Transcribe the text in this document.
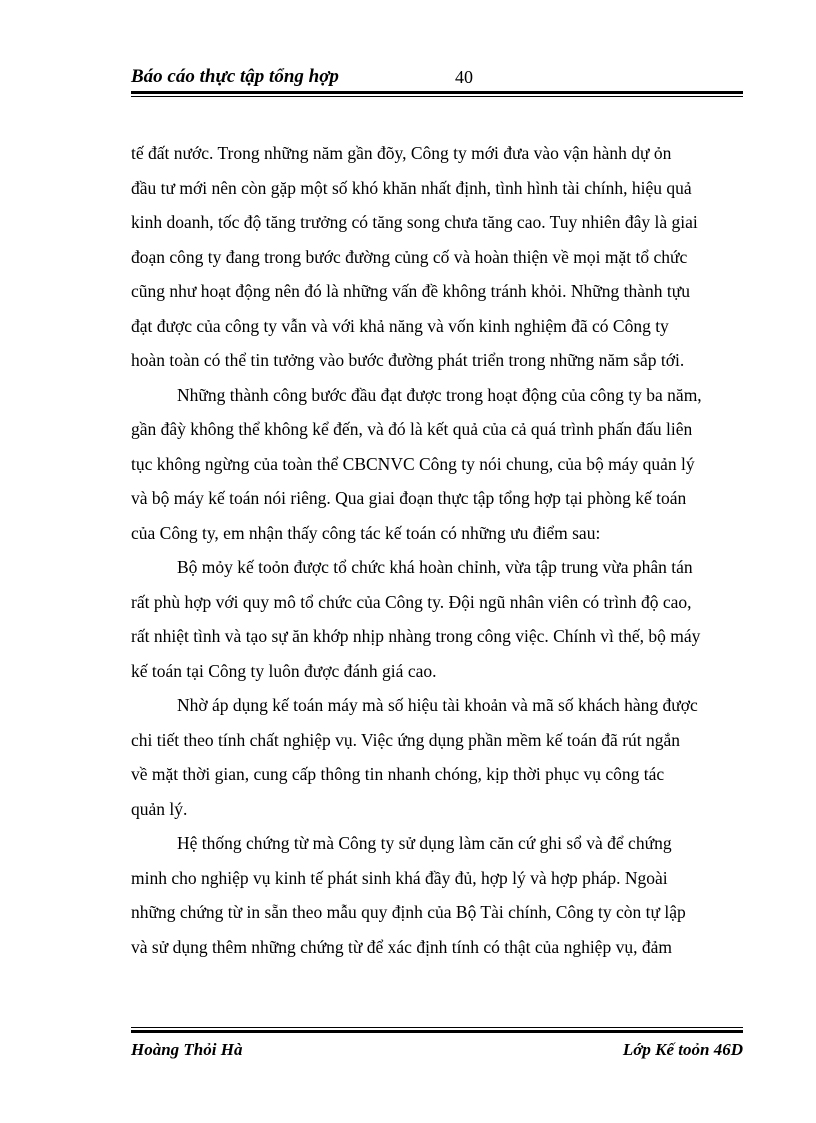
Báo cáo thực tập tổng hợp	40
tế đất nước. Trong những năm gần đõy, Công ty mới đưa vào vận hành dự ỏn
đầu tư mới nên còn gặp một số khó khăn nhất định, tình hình tài chính, hiệu quả
kinh doanh, tốc độ tăng trưởng có tăng song chưa tăng cao. Tuy nhiên đây là giai
đoạn công ty đang trong bước đường củng cố và hoàn thiện về mọi mặt tổ chức
cũng như hoạt động nên đó là những vấn đề không tránh khỏi. Những thành tựu
đạt được của công ty vẫn và với khả năng và vốn kinh nghiệm đã có Công ty
hoàn toàn có thể tin tưởng vào bước đường phát triển trong những năm sắp tới.
Những thành công bước đầu đạt được trong hoạt động của công ty ba năm,
gần đâỳ không thể không kể đến, và đó là kết quả của cả quá trình phấn đấu liên
tục không ngừng của toàn thể CBCNVC Công ty nói chung, của bộ máy quản lý
và bộ máy kế toán nói riêng. Qua giai đoạn thực tập tổng hợp tại phòng kế toán
của Công ty, em nhận thấy công tác kế toán có những ưu điểm sau:
Bộ mỏy kế toỏn được tổ chức khá hoàn chỉnh, vừa tập trung vừa phân tán
rất phù hợp với quy mô tổ chức của Công ty. Đội ngũ nhân viên có trình độ cao,
rất nhiệt tình và tạo sự ăn khớp nhịp nhàng trong công việc. Chính vì thế, bộ máy
kế toán tại Công ty luôn được đánh giá cao.
Nhờ áp dụng kế toán máy mà số hiệu tài khoản và mã số khách hàng được
chi tiết theo tính chất nghiệp vụ. Việc ứng dụng phần mềm kế toán đã rút ngắn
về mặt thời gian, cung cấp thông tin nhanh chóng, kịp thời phục vụ công tác
quản lý.
Hệ thống chứng từ mà Công ty sử dụng làm căn cứ ghi sổ và để chứng
minh cho nghiệp vụ kinh tế phát sinh khá đầy đủ, hợp lý và hợp pháp. Ngoài
những chứng từ in sẵn theo mẫu quy định của Bộ Tài chính, Công ty còn tự lập
và sử dụng thêm những chứng từ để xác định tính có thật của nghiệp vụ, đảm
Hoàng Thỏi Hà	Lớp Kế toỏn 46D
